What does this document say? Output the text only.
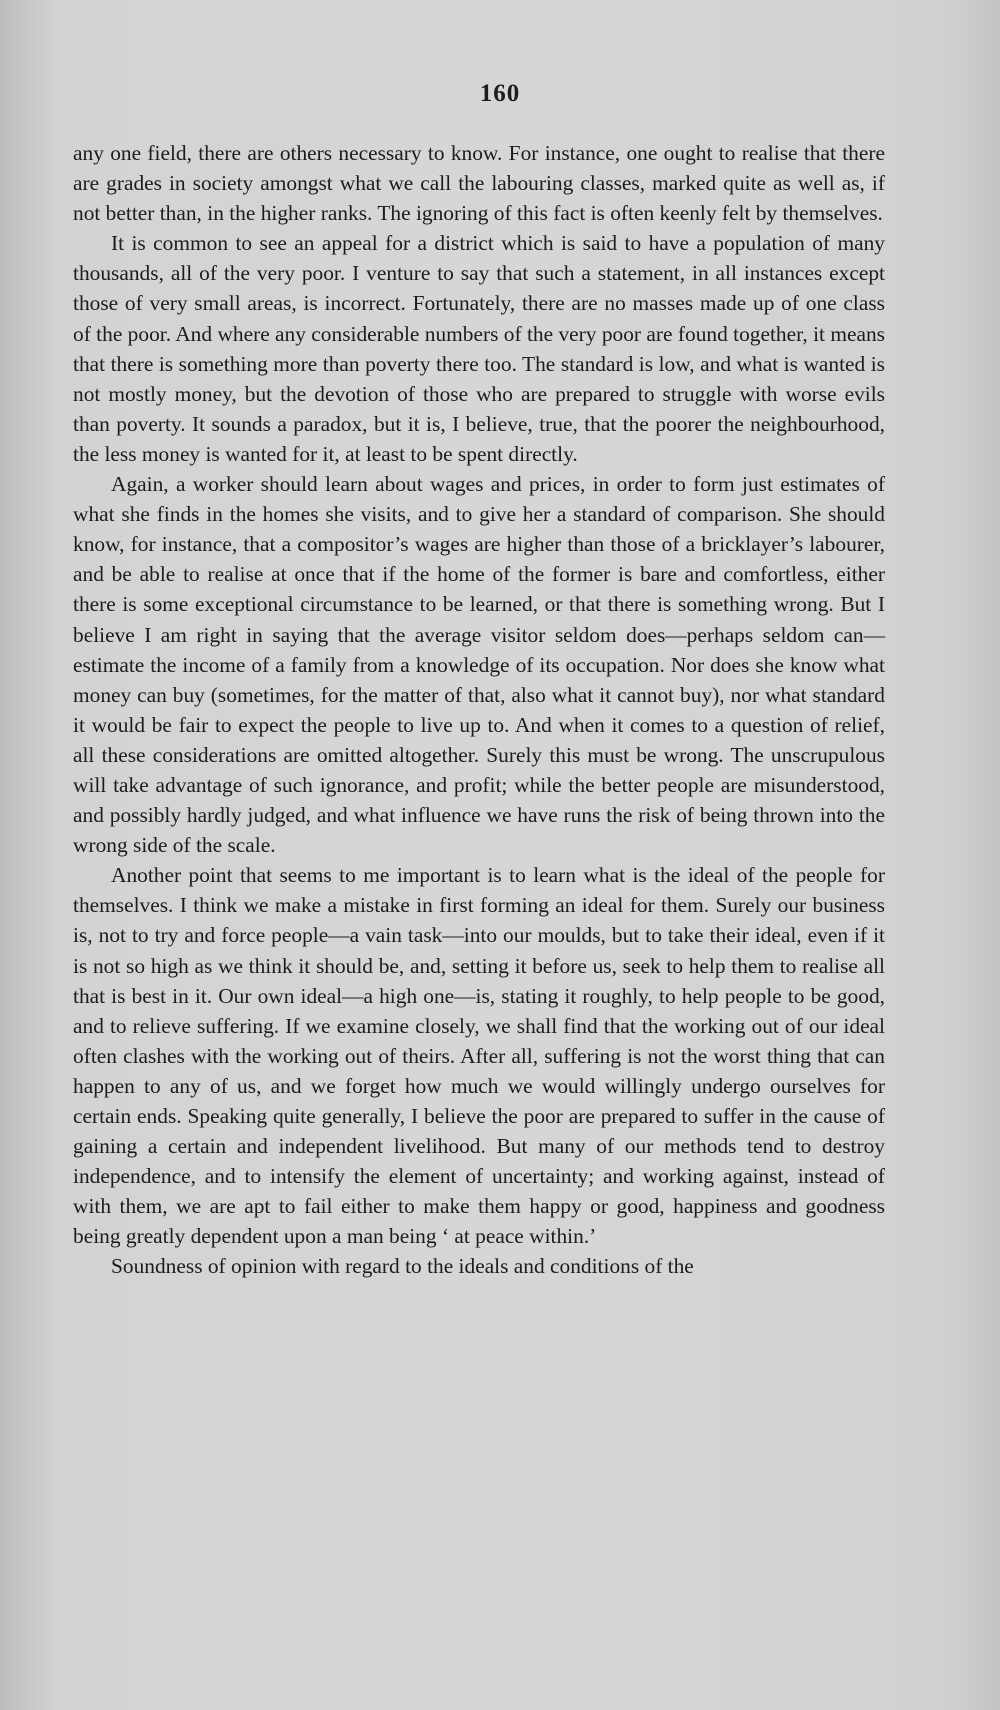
160

any one field, there are others necessary to know. For instance, one ought to realise that there are grades in society amongst what we call the labouring classes, marked quite as well as, if not better than, in the higher ranks. The ignoring of this fact is often keenly felt by themselves.

It is common to see an appeal for a district which is said to have a population of many thousands, all of the very poor. I venture to say that such a statement, in all instances except those of very small areas, is incorrect. Fortunately, there are no masses made up of one class of the poor. And where any considerable numbers of the very poor are found together, it means that there is something more than poverty there too. The standard is low, and what is wanted is not mostly money, but the devotion of those who are prepared to struggle with worse evils than poverty. It sounds a paradox, but it is, I believe, true, that the poorer the neighbourhood, the less money is wanted for it, at least to be spent directly.

Again, a worker should learn about wages and prices, in order to form just estimates of what she finds in the homes she visits, and to give her a standard of comparison. She should know, for instance, that a compositor’s wages are higher than those of a bricklayer’s labourer, and be able to realise at once that if the home of the former is bare and comfortless, either there is some exceptional circumstance to be learned, or that there is something wrong. But I believe I am right in saying that the average visitor seldom does—perhaps seldom can—estimate the income of a family from a knowledge of its occupation. Nor does she know what money can buy (sometimes, for the matter of that, also what it cannot buy), nor what standard it would be fair to expect the people to live up to. And when it comes to a question of relief, all these considerations are omitted altogether. Surely this must be wrong. The unscrupulous will take advantage of such ignorance, and profit; while the better people are misunderstood, and possibly hardly judged, and what influence we have runs the risk of being thrown into the wrong side of the scale.

Another point that seems to me important is to learn what is the ideal of the people for themselves. I think we make a mistake in first forming an ideal for them. Surely our business is, not to try and force people—a vain task—into our moulds, but to take their ideal, even if it is not so high as we think it should be, and, setting it before us, seek to help them to realise all that is best in it. Our own ideal—a high one—is, stating it roughly, to help people to be good, and to relieve suffering. If we examine closely, we shall find that the working out of our ideal often clashes with the working out of theirs. After all, suffering is not the worst thing that can happen to any of us, and we forget how much we would willingly undergo ourselves for certain ends. Speaking quite generally, I believe the poor are prepared to suffer in the cause of gaining a certain and independent livelihood. But many of our methods tend to destroy independence, and to intensify the element of uncertainty; and working against, instead of with them, we are apt to fail either to make them happy or good, happiness and goodness being greatly dependent upon a man being ‘ at peace within.’

Soundness of opinion with regard to the ideals and conditions of the
